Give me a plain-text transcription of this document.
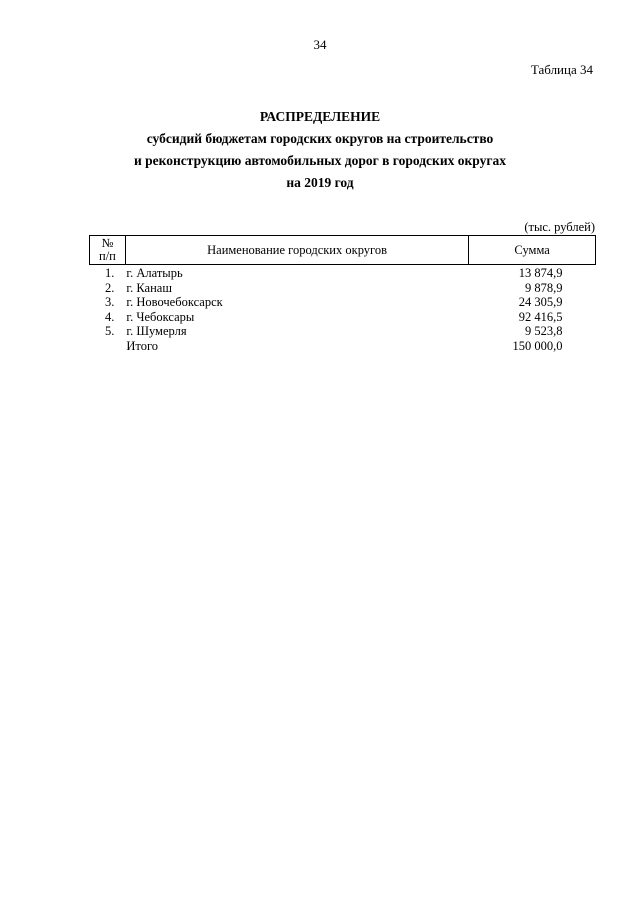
34
Таблица 34
РАСПРЕДЕЛЕНИЕ
субсидий бюджетам городских округов на строительство
и реконструкцию автомобильных дорог в городских округах
на 2019 год
(тыс. рублей)
№
п/п	Наименование городских округов	Сумма
1.	г. Алатырь	13 874,9
2.	г. Канаш	9 878,9
3.	г. Новочебоксарск	24 305,9
4.	г. Чебоксары	92 416,5
5.	г. Шумерля	9 523,8
	Итого	150 000,0
